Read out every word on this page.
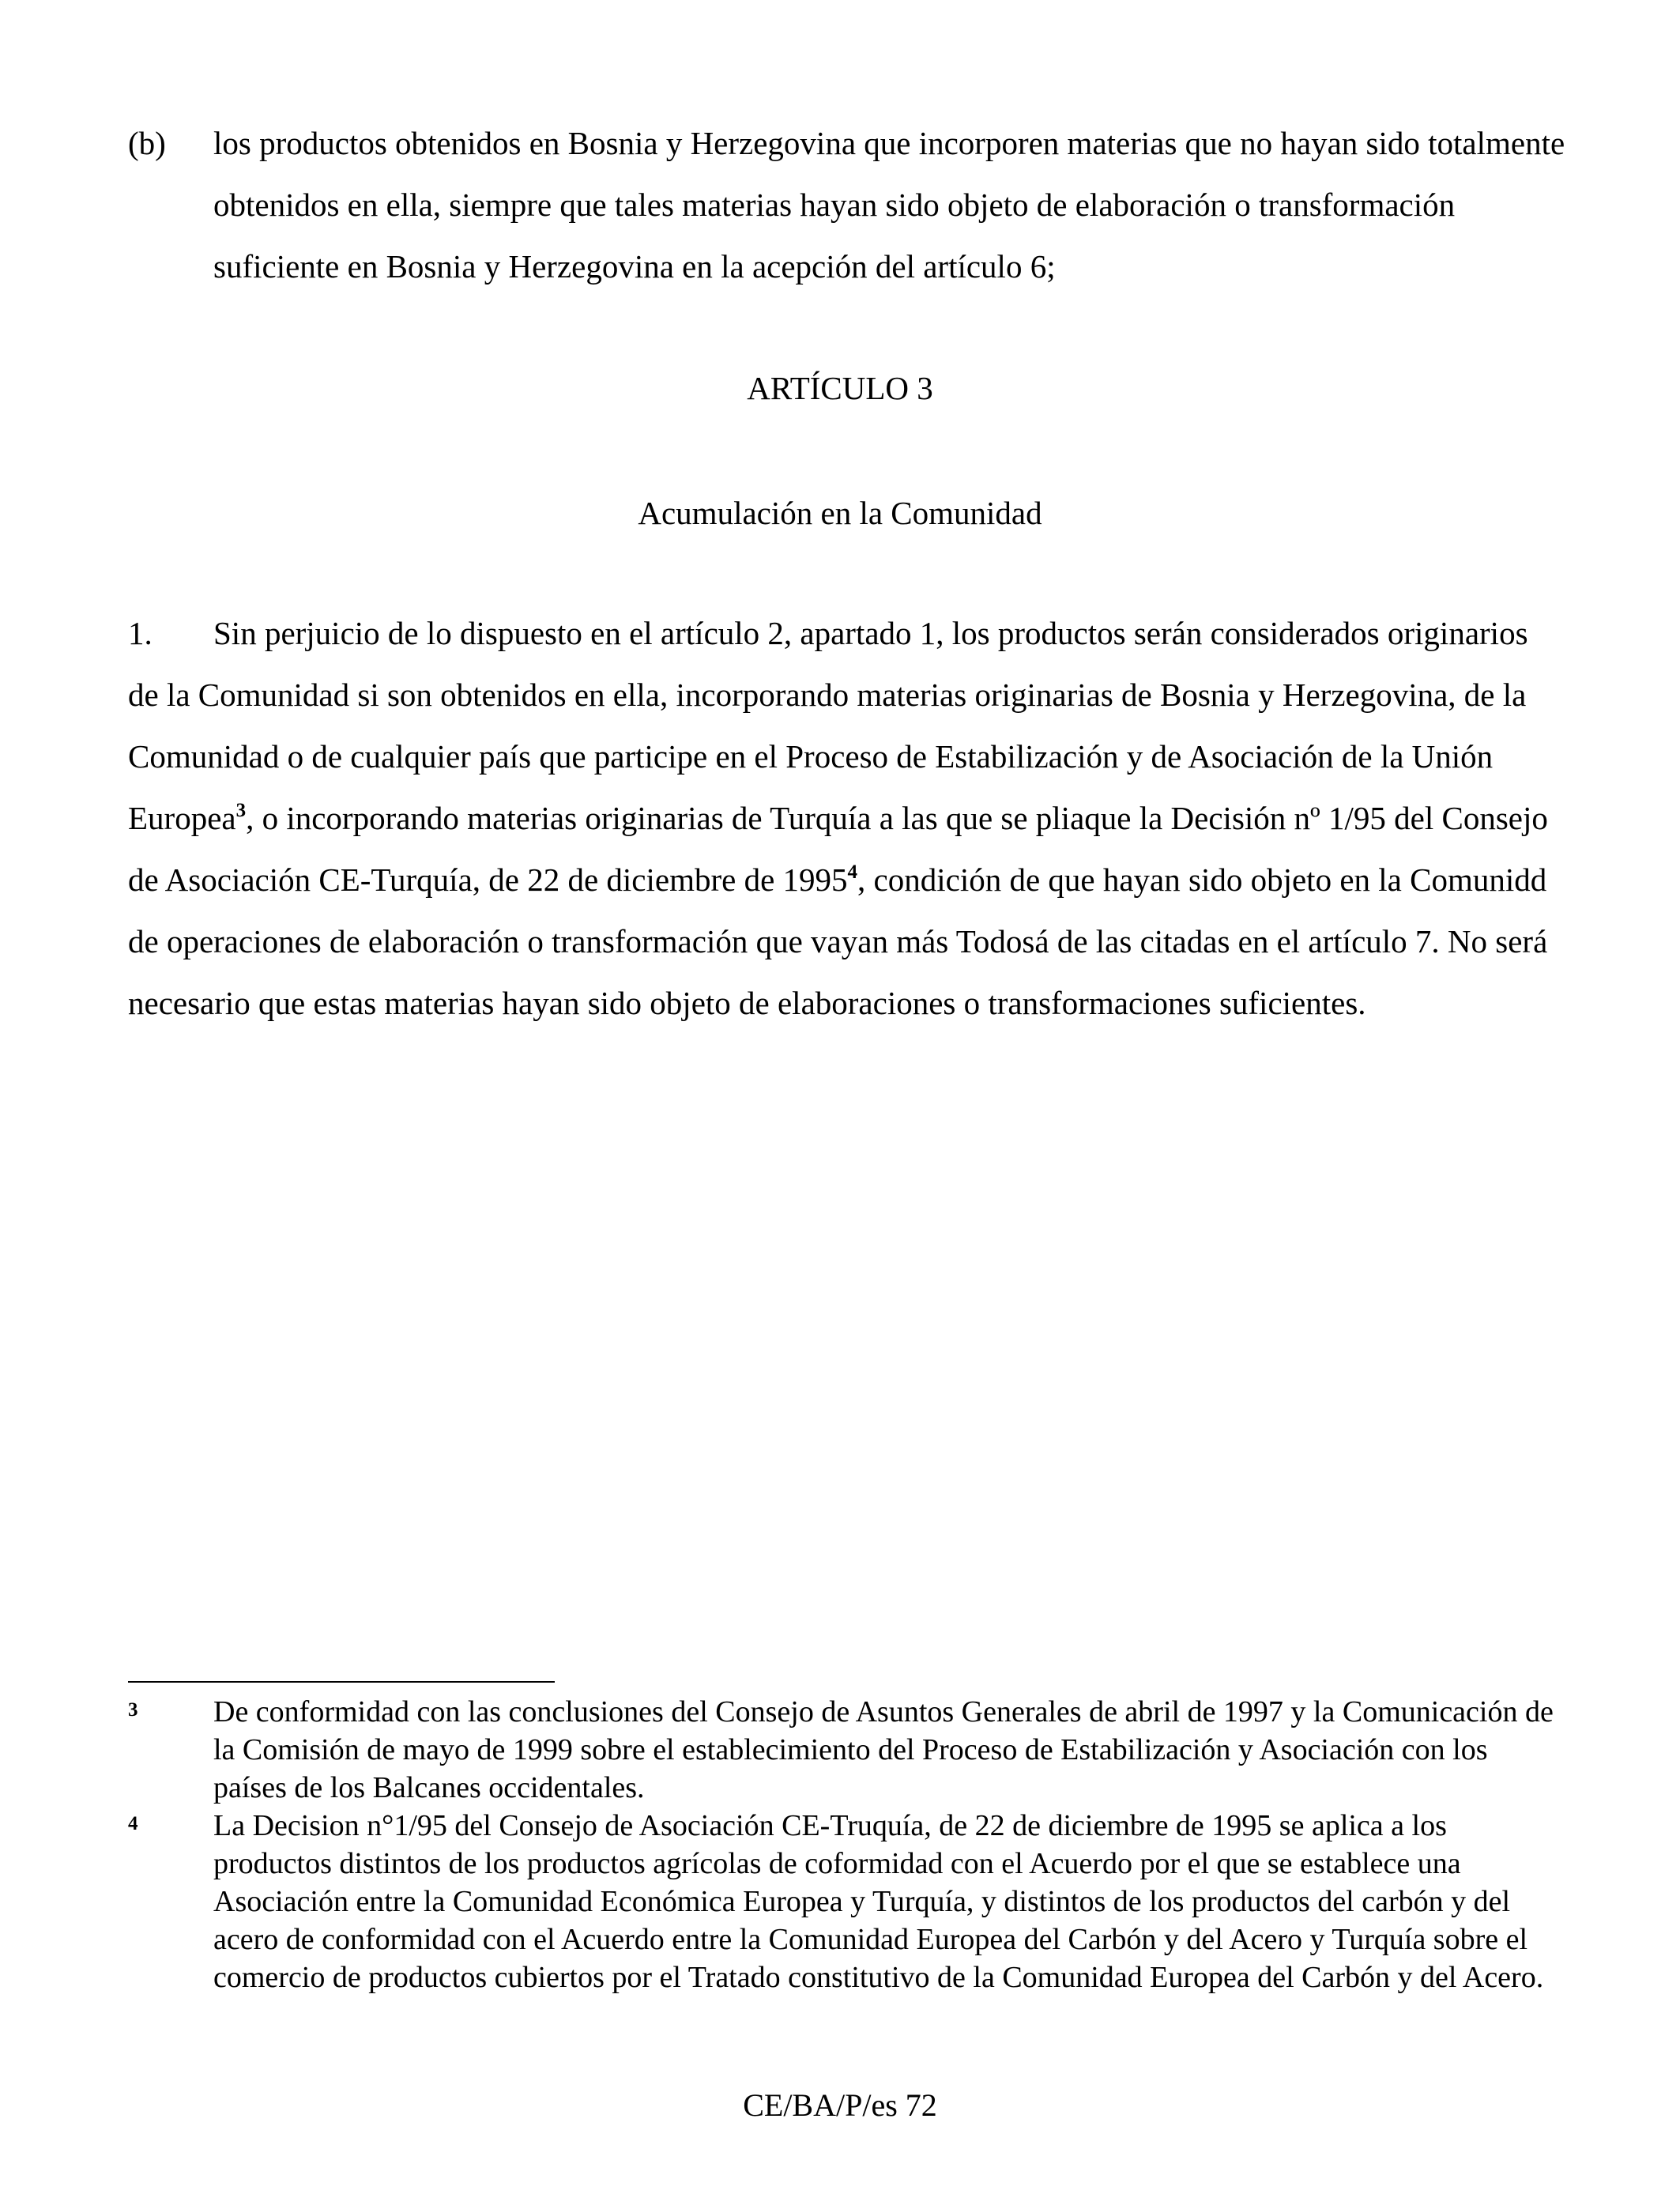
(b) los productos obtenidos en Bosnia y Herzegovina que incorporen materias que no hayan sido totalmente obtenidos en ella, siempre que tales materias hayan sido objeto de elaboración o transformación suficiente en Bosnia y Herzegovina en la acepción del artículo 6;
ARTÍCULO 3
Acumulación en la Comunidad
1. Sin perjuicio de lo dispuesto en el artículo 2, apartado 1, los productos serán considerados originarios de la Comunidad si son obtenidos en ella, incorporando materias originarias de Bosnia y Herzegovina, de la Comunidad o de cualquier país que participe en el Proceso de Estabilización y de Asociación de la Unión Europea$^3$, o incorporando materias originarias de Turquía a las que se pliaque la Decisión nº 1/95 del Consejo de Asociación CE-Turquía, de 22 de diciembre de 1995$^4$, condición de que hayan sido objeto en la Comunidd de operaciones de elaboración o transformación que vayan más Todosá de las citadas en el artículo 7. No será necesario que estas materias hayan sido objeto de elaboraciones o transformaciones suficientes.
3	De conformidad con las conclusiones del Consejo de Asuntos Generales de abril de 1997 y la Comunicación de la Comisión de mayo de 1999 sobre el establecimiento del Proceso de Estabilización y Asociación con los países de los Balcanes occidentales.
4	La Decision n°1/95 del Consejo de Asociación CE-Truquía, de 22 de diciembre de 1995 se aplica a los productos distintos de los productos agrícolas de coformidad con el Acuerdo por el que se establece una Asociación entre la Comunidad Económica Europea y Turquía, y distintos de los productos del carbón y del acero de conformidad con el Acuerdo entre la Comunidad Europea del Carbón y del Acero y Turquía sobre el comercio de productos cubiertos por el Tratado constitutivo de la Comunidad Europea del Carbón y del Acero.
CE/BA/P/es 72
